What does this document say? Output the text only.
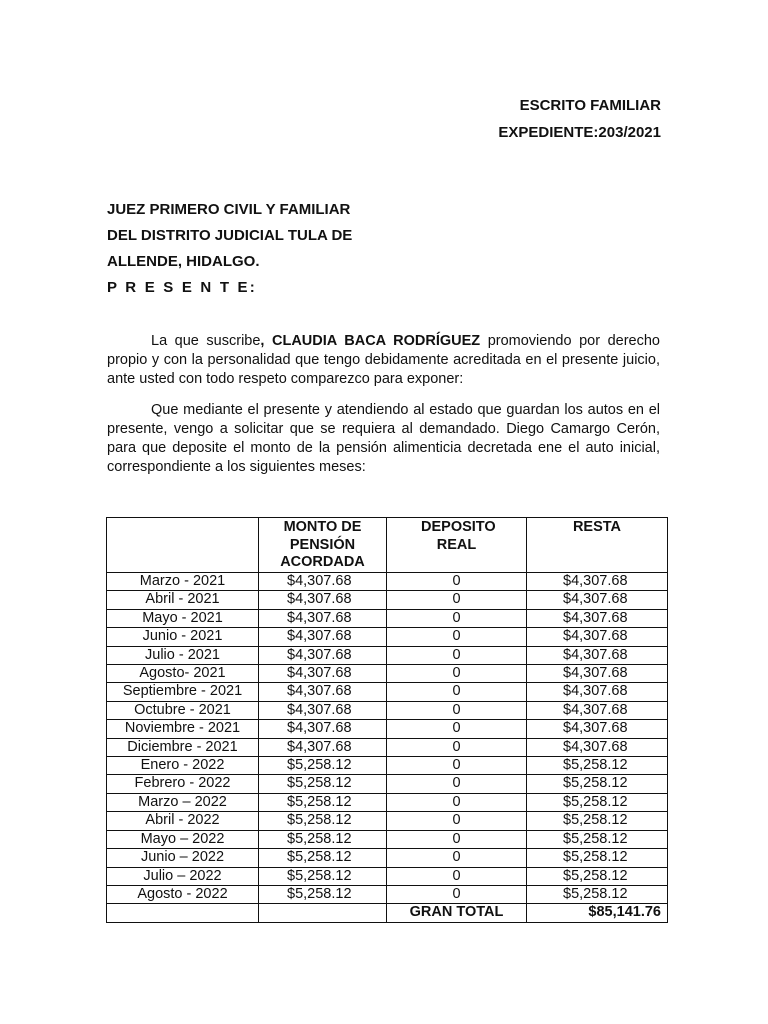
ESCRITO FAMILIAR
EXPEDIENTE:203/2021
JUEZ PRIMERO CIVIL Y FAMILIAR
DEL DISTRITO JUDICIAL TULA DE
ALLENDE, HIDALGO.
P R E S E N T E:

La que suscribe, CLAUDIA BACA RODRÍGUEZ promoviendo por derecho propio y con la personalidad que tengo debidamente acreditada en el presente juicio, ante usted con todo respeto comparezco para exponer:

Que mediante el presente y atendiendo al estado que guardan los autos en el presente, vengo a solicitar que se requiera al demandado. Diego Camargo Cerón, para que deposite el monto de la pensión alimenticia decretada ene el auto inicial, correspondiente a los siguientes meses:

	MONTO DE PENSIÓN ACORDADA	DEPOSITO REAL	RESTA
Marzo - 2021	$4,307.68	0	$4,307.68
Abril - 2021	$4,307.68	0	$4,307.68
Mayo - 2021	$4,307.68	0	$4,307.68
Junio - 2021	$4,307.68	0	$4,307.68
Julio - 2021	$4,307.68	0	$4,307.68
Agosto- 2021	$4,307.68	0	$4,307.68
Septiembre - 2021	$4,307.68	0	$4,307.68
Octubre - 2021	$4,307.68	0	$4,307.68
Noviembre - 2021	$4,307.68	0	$4,307.68
Diciembre - 2021	$4,307.68	0	$4,307.68
Enero - 2022	$5,258.12	0	$5,258.12
Febrero - 2022	$5,258.12	0	$5,258.12
Marzo – 2022	$5,258.12	0	$5,258.12
Abril - 2022	$5,258.12	0	$5,258.12
Mayo – 2022	$5,258.12	0	$5,258.12
Junio – 2022	$5,258.12	0	$5,258.12
Julio – 2022	$5,258.12	0	$5,258.12
Agosto - 2022	$5,258.12	0	$5,258.12
		GRAN TOTAL	$85,141.76
